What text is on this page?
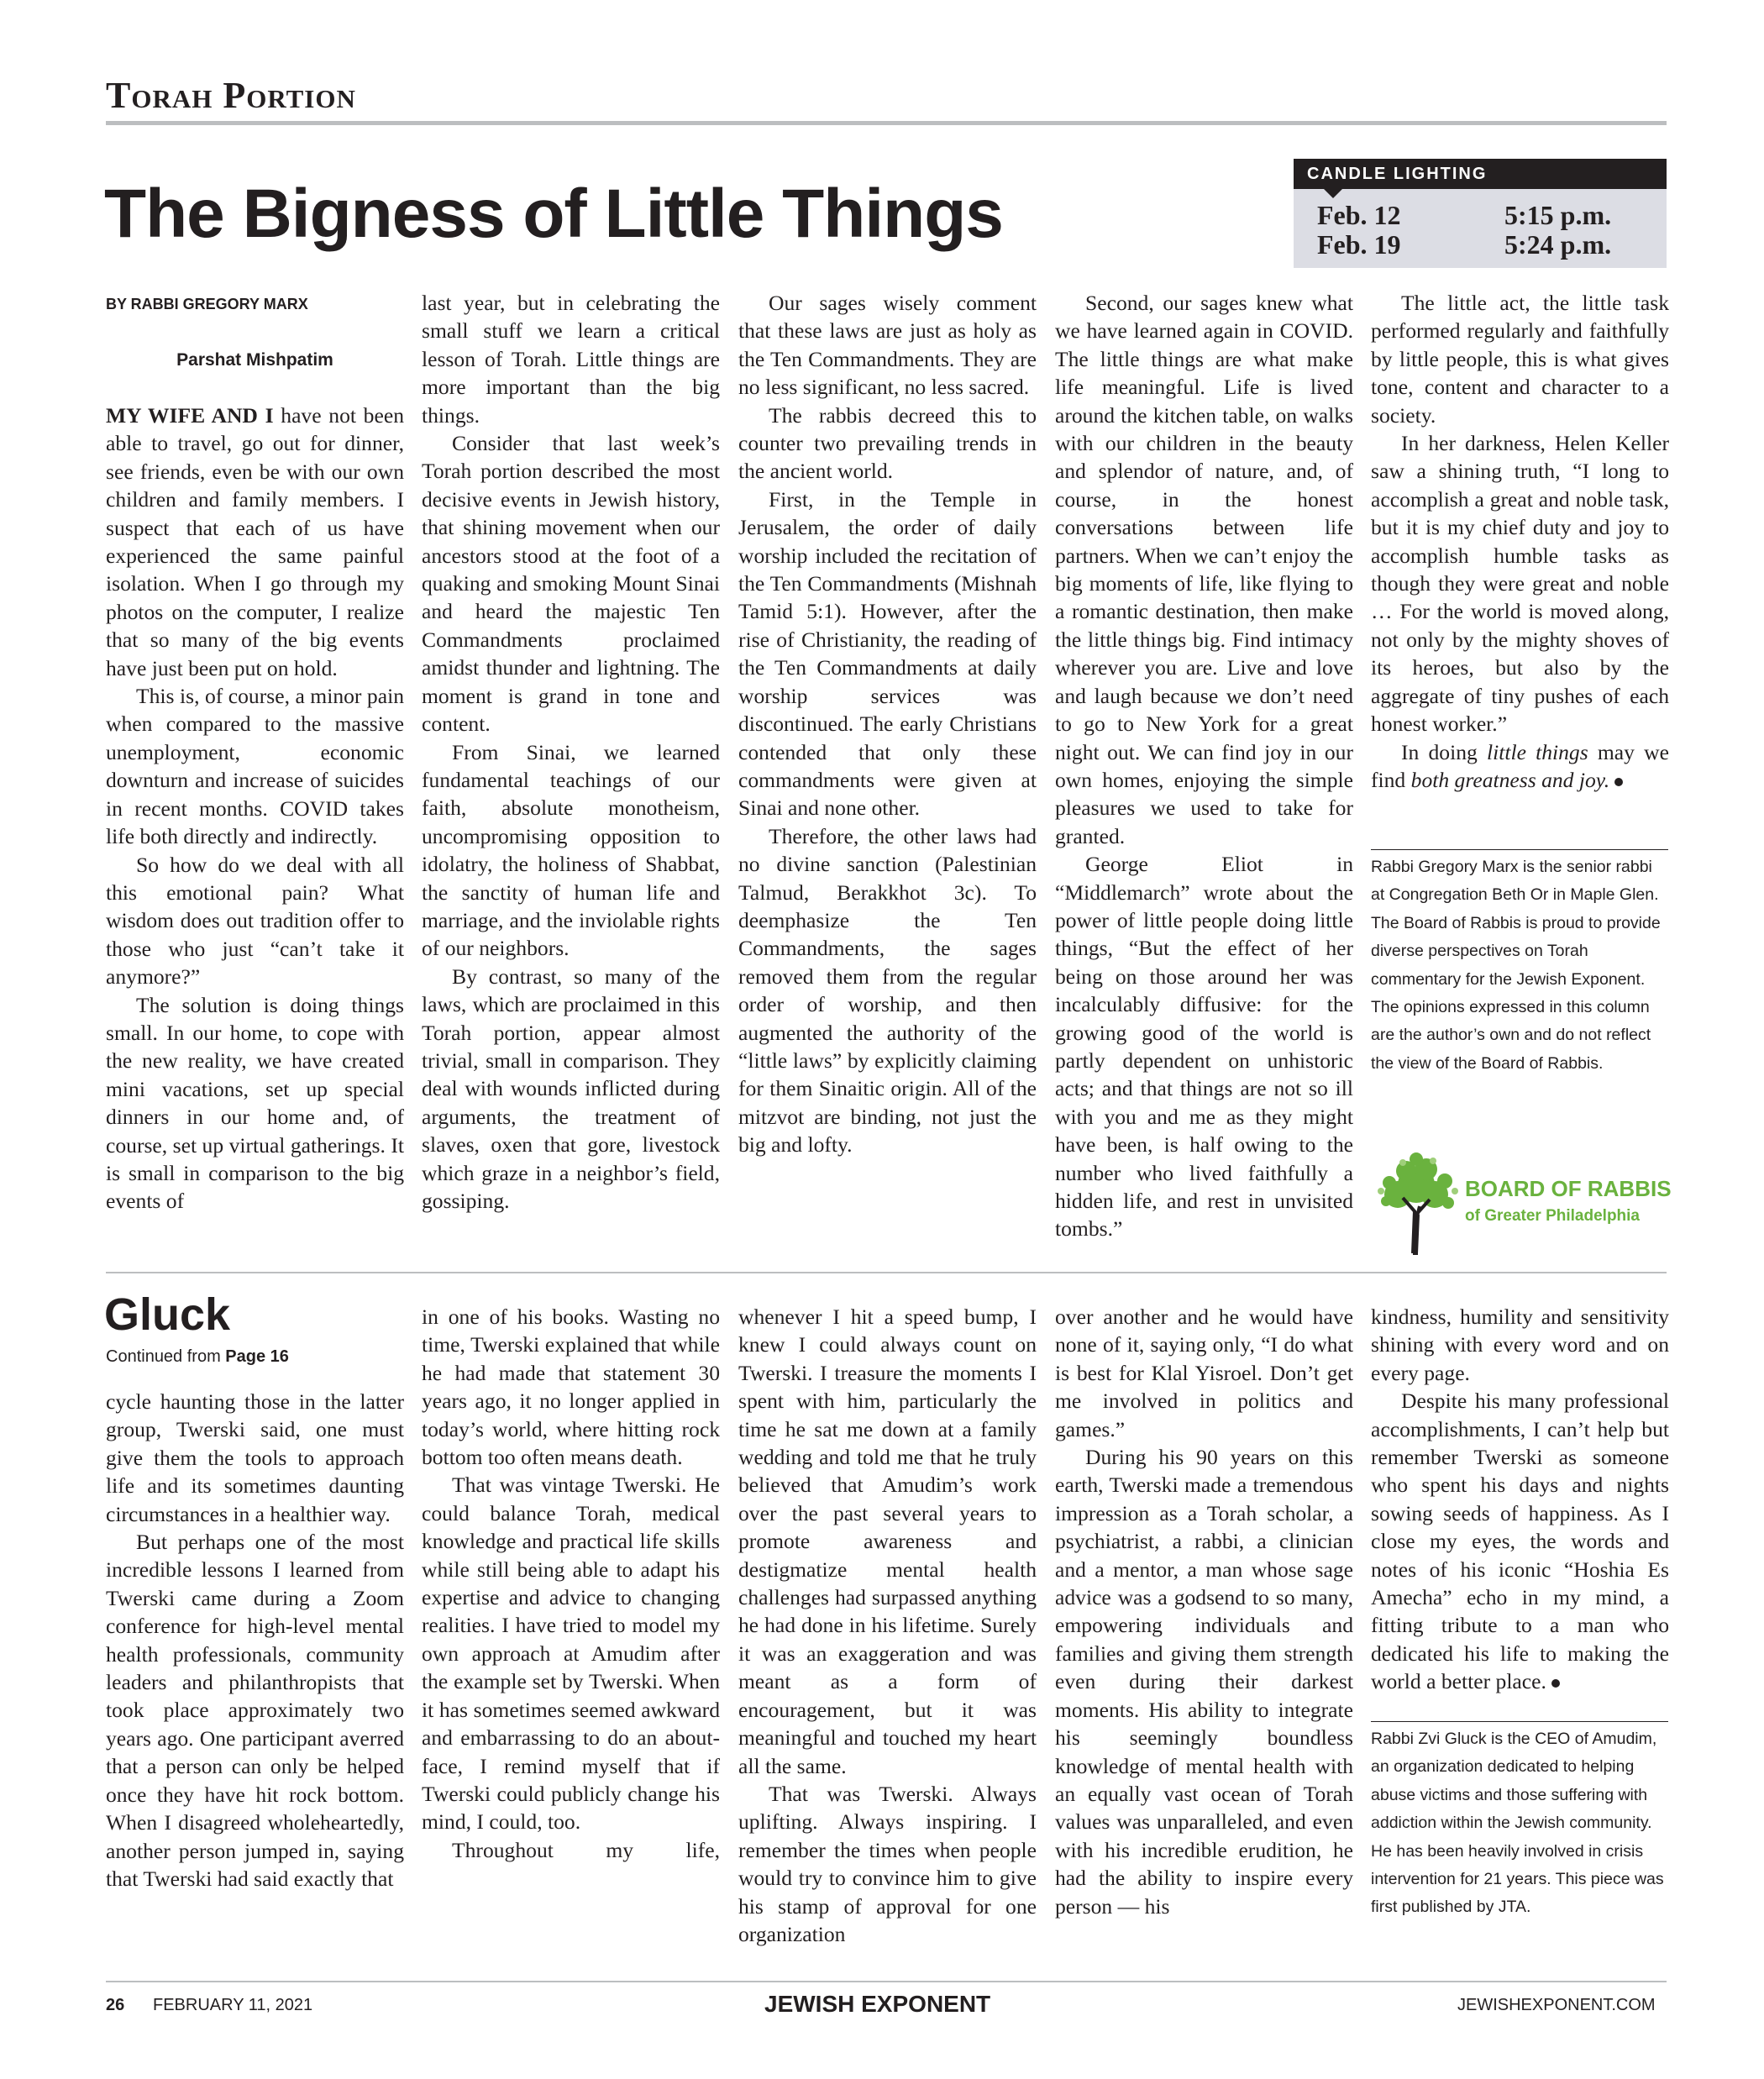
Torah Portion
The Bigness of Little Things
CANDLE LIGHTING
Feb. 12	5:15 p.m.
Feb. 19	5:24 p.m.
BY RABBI GREGORY MARX
Parshat Mishpatim

MY WIFE AND I have not been able to travel, go out for dinner, see friends, even be with our own children and family members. I suspect that each of us have experienced the same painful isolation. When I go through my photos on the computer, I realize that so many of the big events have just been put on hold.

This is, of course, a minor pain when compared to the massive unemployment, economic downturn and increase of suicides in recent months. COVID takes life both directly and indirectly.

So how do we deal with all this emotional pain? What wisdom does out tradition offer to those who just “can’t take it anymore?”

The solution is doing things small. In our home, to cope with the new reality, we have created mini vacations, set up special dinners in our home and, of course, set up virtual gatherings. It is small in comparison to the big events of

last year, but in celebrating the small stuff we learn a critical lesson of Torah. Little things are more important than the big things.

Consider that last week’s Torah portion described the most decisive events in Jewish history, that shining movement when our ancestors stood at the foot of a quaking and smoking Mount Sinai and heard the majestic Ten Commandments proclaimed amidst thunder and lightning. The moment is grand in tone and content.

From Sinai, we learned fundamental teachings of our faith, absolute monotheism, uncompromising opposition to idolatry, the holiness of Shabbat, the sanctity of human life and marriage, and the inviolable rights of our neighbors.

By contrast, so many of the laws, which are proclaimed in this Torah portion, appear almost trivial, small in comparison. They deal with wounds inflicted during arguments, the treatment of slaves, oxen that gore, livestock which graze in a neighbor’s field, gossiping.

Our sages wisely comment that these laws are just as holy as the Ten Commandments. They are no less significant, no less sacred.

The rabbis decreed this to counter two prevailing trends in the ancient world.

First, in the Temple in Jerusalem, the order of daily worship included the recitation of the Ten Commandments (Mishnah Tamid 5:1). However, after the rise of Christianity, the reading of the Ten Commandments at daily worship services was discontinued. The early Christians contended that only these commandments were given at Sinai and none other.

Therefore, the other laws had no divine sanction (Palestinian Talmud, Berakkhot 3c). To deemphasize the Ten Commandments, the sages removed them from the regular order of worship, and then augmented the authority of the “little laws” by explicitly claiming for them Sinaitic origin. All of the mitzvot are binding, not just the big and lofty.

Second, our sages knew what we have learned again in COVID. The little things are what make life meaningful. Life is lived around the kitchen table, on walks with our children in the beauty and splendor of nature, and, of course, in the honest conversations between life partners. When we can’t enjoy the big moments of life, like flying to a romantic destination, then make the little things big. Find intimacy wherever you are. Live and love and laugh because we don’t need to go to New York for a great night out. We can find joy in our own homes, enjoying the simple pleasures we used to take for granted.

George Eliot in “Middlemarch” wrote about the power of little people doing little things, “But the effect of her being on those around her was incalculably diffusive: for the growing good of the world is partly dependent on unhistoric acts; and that things are not so ill with you and me as they might have been, is half owing to the number who lived faithfully a hidden life, and rest in unvisited tombs.”

The little act, the little task performed regularly and faithfully by little people, this is what gives tone, content and character to a society.

In her darkness, Helen Keller saw a shining truth, “I long to accomplish a great and noble task, but it is my chief duty and joy to accomplish humble tasks as though they were great and noble … For the world is moved along, not only by the mighty shoves of its heroes, but also by the aggregate of tiny pushes of each honest worker.”

In doing little things may we find both greatness and joy.

Rabbi Gregory Marx is the senior rabbi at Congregation Beth Or in Maple Glen. The Board of Rabbis is proud to provide diverse perspectives on Torah commentary for the Jewish Exponent. The opinions expressed in this column are the author’s own and do not reflect the view of the Board of Rabbis.
BOARD OF RABBIS
of Greater Philadelphia
Gluck
Continued from Page 16

cycle haunting those in the latter group, Twerski said, one must give them the tools to approach life and its sometimes daunting circumstances in a healthier way.

But perhaps one of the most incredible lessons I learned from Twerski came during a Zoom conference for high-level mental health professionals, community leaders and philanthropists that took place approximately two years ago. One participant averred that a person can only be helped once they have hit rock bottom. When I disagreed wholeheartedly, another person jumped in, saying that Twerski had said exactly that

in one of his books. Wasting no time, Twerski explained that while he had made that statement 30 years ago, it no longer applied in today’s world, where hitting rock bottom too often means death.

That was vintage Twerski. He could balance Torah, medical knowledge and practical life skills while still being able to adapt his expertise and advice to changing realities. I have tried to model my own approach at Amudim after the example set by Twerski. When it has sometimes seemed awkward and embarrassing to do an about-face, I remind myself that if Twerski could publicly change his mind, I could, too.

Throughout my life,

whenever I hit a speed bump, I knew I could always count on Twerski. I treasure the moments I spent with him, particularly the time he sat me down at a family wedding and told me that he truly believed that Amudim’s work over the past several years to promote awareness and destigmatize mental health challenges had surpassed anything he had done in his lifetime. Surely it was an exaggeration and was meant as a form of encouragement, but it was meaningful and touched my heart all the same.

That was Twerski. Always uplifting. Always inspiring. I remember the times when people would try to convince him to give his stamp of approval for one organization

over another and he would have none of it, saying only, “I do what is best for Klal Yisroel. Don’t get me involved in politics and games.”

During his 90 years on this earth, Twerski made a tremendous impression as a Torah scholar, a psychiatrist, a rabbi, a clinician and a mentor, a man whose sage advice was a godsend to so many, empowering individuals and families and giving them strength even during their darkest moments. His ability to integrate his seemingly boundless knowledge of mental health with an equally vast ocean of Torah values was unparalleled, and even with his incredible erudition, he had the ability to inspire every person — his

kindness, humility and sensitivity shining with every word and on every page.

Despite his many professional accomplishments, I can’t help but remember Twerski as someone who spent his days and nights sowing seeds of happiness. As I close my eyes, the words and notes of his iconic “Hoshia Es Amecha” echo in my mind, a fitting tribute to a man who dedicated his life to making the world a better place.

Rabbi Zvi Gluck is the CEO of Amudim, an organization dedicated to helping abuse victims and those suffering with addiction within the Jewish community. He has been heavily involved in crisis intervention for 21 years. This piece was first published by JTA.
26 FEBRUARY 11, 2021	JEWISH EXPONENT	JEWISHEXPONENT.COM
